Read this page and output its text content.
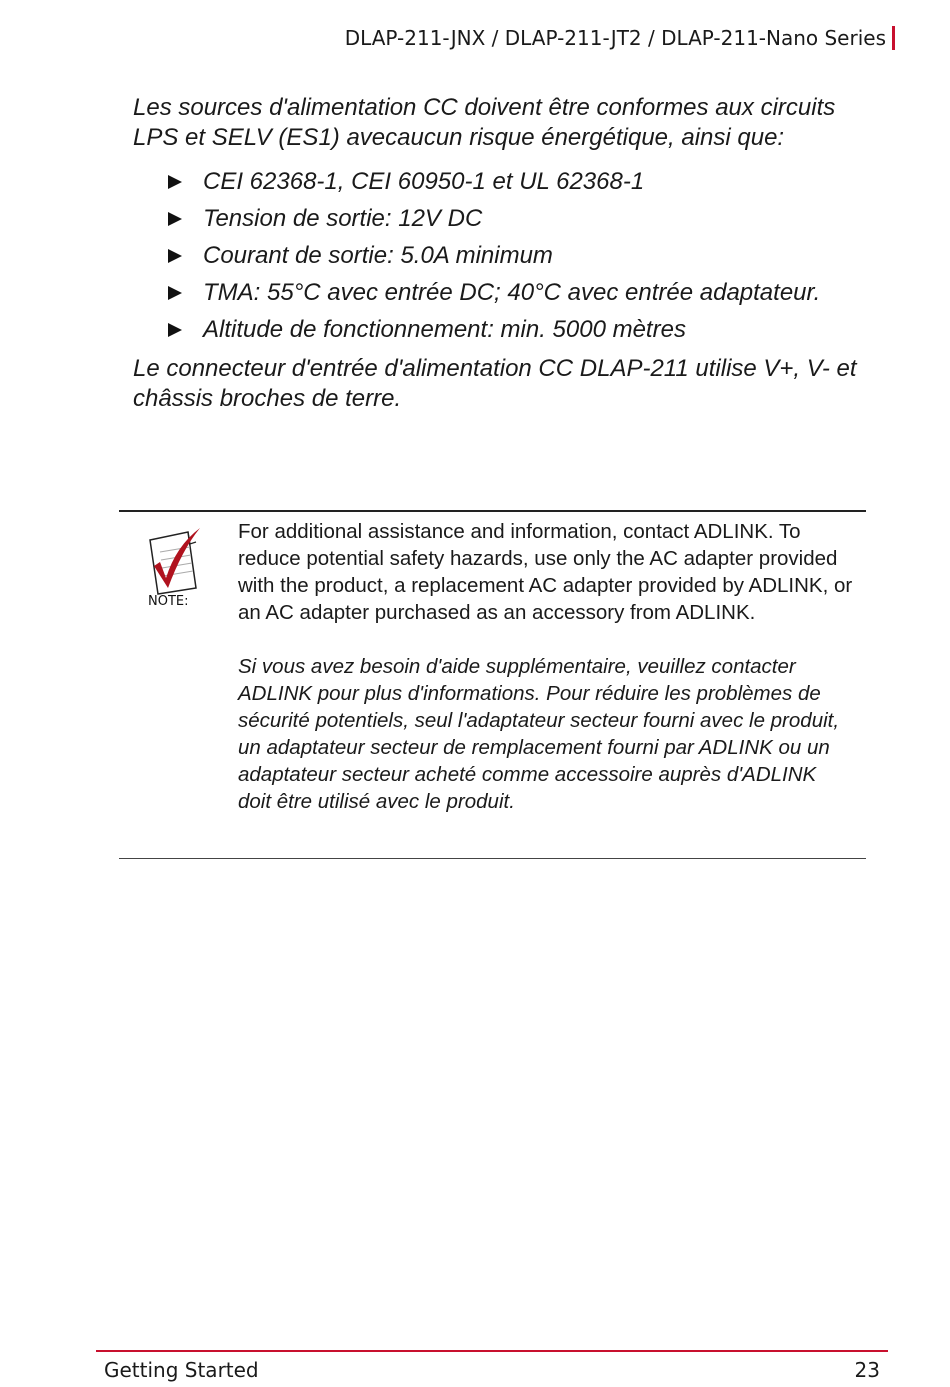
DLAP-211-JNX / DLAP-211-JT2 / DLAP-211-Nano Series
Les sources d'alimentation CC doivent être conformes aux circuits LPS et SELV (ES1) avecaucun risque énergétique, ainsi que:
CEI 62368-1, CEI 60950-1 et UL 62368-1
Tension de sortie: 12V DC
Courant de sortie: 5.0A minimum
TMA: 55°C avec entrée DC; 40°C avec entrée adaptateur.
Altitude de fonctionnement: min. 5000 mètres
Le connecteur d'entrée d'alimentation CC DLAP-211 utilise V+, V- et châssis broches de terre.
NOTE:

For additional assistance and information, contact ADLINK. To reduce potential safety hazards, use only the AC adapter provided with the product, a replacement AC adapter provided by ADLINK, or an AC adapter purchased as an accessory from ADLINK.

Si vous avez besoin d'aide supplémentaire, veuillez contacter ADLINK pour plus d'informations. Pour réduire les problèmes de sécurité potentiels, seul l'adaptateur secteur fourni avec le produit, un adaptateur secteur de remplacement fourni par ADLINK ou un adaptateur secteur acheté comme accessoire auprès d'ADLINK doit être utilisé avec le produit.

Getting Started	23
